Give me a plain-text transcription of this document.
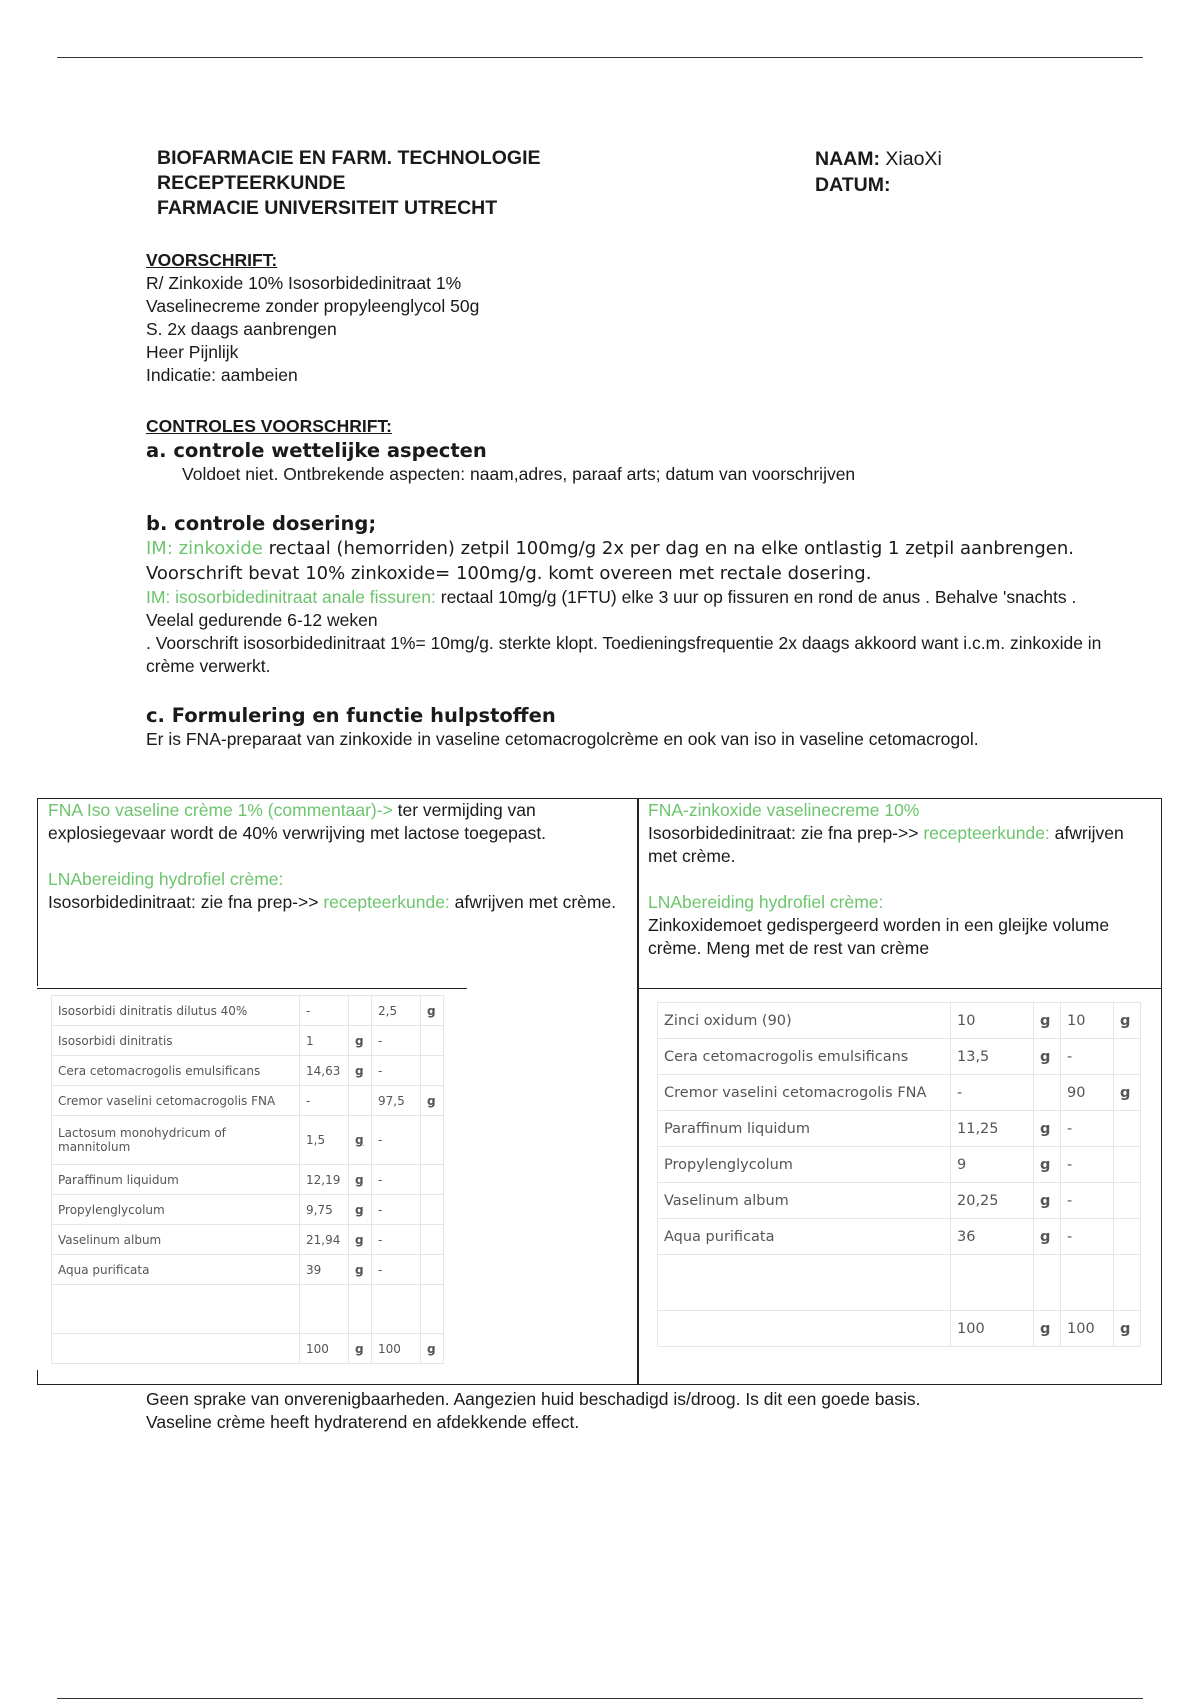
BIOFARMACIE EN FARM. TECHNOLOGIE
RECEPTEERKUNDE
FARMACIE UNIVERSITEIT UTRECHT
NAAM: XiaoXi
DATUM:
VOORSCHRIFT:
R/ Zinkoxide 10% Isosorbidedinitraat 1%
Vaselinecreme zonder propyleenglycol 50g
S. 2x daags aanbrengen
Heer Pijnlijk
Indicatie: aambeien
CONTROLES VOORSCHRIFT:
a. controle wettelijke aspecten
Voldoet niet. Ontbrekende aspecten: naam,adres, paraaf arts; datum van voorschrijven
b. controle dosering;
IM: zinkoxide rectaal (hemorriden) zetpil 100mg/g 2x per dag en na elke ontlastig 1 zetpil aanbrengen. Voorschrift bevat 10% zinkoxide= 100mg/g. komt overeen met rectale dosering.
IM: isosorbidedinitraat anale fissuren: rectaal 10mg/g (1FTU) elke 3 uur op fissuren en rond de anus . Behalve 'snachts . Veelal gedurende 6-12 weken
. Voorschrift isosorbidedinitraat 1%= 10mg/g. sterkte klopt. Toedieningsfrequentie 2x daags akkoord want i.c.m. zinkoxide in crème verwerkt.
c. Formulering en functie hulpstoffen
Er is FNA-preparaat van zinkoxide in vaseline cetomacrogolcrème en ook van iso in vaseline cetomacrogol.
FNA Iso vaseline crème 1% (commentaar)-> ter vermijding van explosiegevaar wordt de 40% verwrijving met lactose toegepast.
LNAbereiding hydrofiel crème:
Isosorbidedinitraat: zie fna prep->> recepteerkunde: afwrijven met crème.
FNA-zinkoxide vaselinecreme 10%
Isosorbidedinitraat: zie fna prep->> recepteerkunde: afwrijven met crème.
LNAbereiding hydrofiel crème:
Zinkoxidemoet gedispergeerd worden in een gleijke volume crème. Meng met de rest van crème
Isosorbidi dinitratis dilutus 40%	-		2,5	g
Isosorbidi dinitratis	1	g	-	
Cera cetomacrogolis emulsificans	14,63	g	-	
Cremor vaselini cetomacrogolis FNA	-		97,5	g
Lactosum monohydricum of mannitolum	1,5	g	-	
Paraffinum liquidum	12,19	g	-	
Propylenglycolum	9,75	g	-	
Vaselinum album	21,94	g	-	
Aqua purificata	39	g	-	

	100	g	100	g
Zinci oxidum (90)	10	g	10	g
Cera cetomacrogolis emulsificans	13,5	g	-	
Cremor vaselini cetomacrogolis FNA	-		90	g
Paraffinum liquidum	11,25	g	-	
Propylenglycolum	9	g	-	
Vaselinum album	20,25	g	-	
Aqua purificata	36	g	-	

	100	g	100	g
Geen sprake van onverenigbaarheden. Aangezien huid beschadigd is/droog. Is dit een goede basis.
Vaseline crème heeft hydraterend en afdekkende effect.
